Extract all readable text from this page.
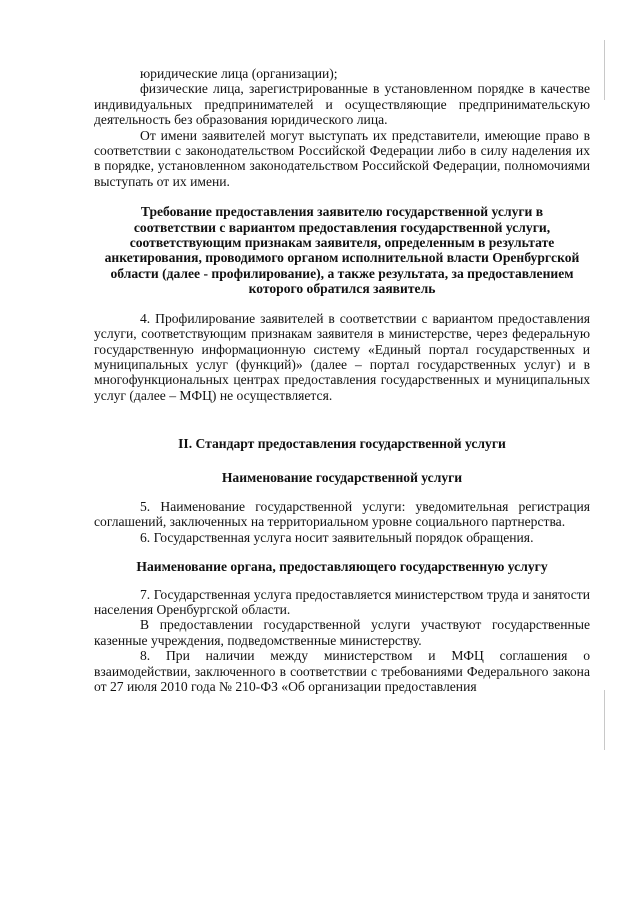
юридические лица (организации);

физические лица, зарегистрированные в установленном порядке в качестве индивидуальных предпринимателей и осуществляющие предпринимательскую деятельность без образования юридического лица.

От имени заявителей могут выступать их представители, имеющие право в соответствии с законодательством Российской Федерации либо в силу наделения их в порядке, установленном законодательством Российской Федерации, полномочиями выступать от их имени.

Требование предоставления заявителю государственной услуги в соответствии с вариантом предоставления государственной услуги, соответствующим признакам заявителя, определенным в результате анкетирования, проводимого органом исполнительной власти Оренбургской области (далее - профилирование), а также результата, за предоставлением которого обратился заявитель

4. Профилирование заявителей в соответствии с вариантом предоставления услуги, соответствующим признакам заявителя в министерстве, через федеральную государственную информационную систему «Единый портал государственных и муниципальных услуг (функций)» (далее – портал государственных услуг) и в многофункциональных центрах предоставления государственных и муниципальных услуг (далее – МФЦ) не осуществляется.

II. Стандарт предоставления государственной услуги

Наименование государственной услуги

5. Наименование государственной услуги: уведомительная регистрация соглашений, заключенных на территориальном уровне социального партнерства.

6. Государственная услуга носит заявительный порядок обращения.

Наименование органа, предоставляющего государственную услугу

7. Государственная услуга предоставляется министерством труда и занятости населения Оренбургской области.

В предоставлении государственной услуги участвуют государственные казенные учреждения, подведомственные министерству.

8. При наличии между министерством и МФЦ соглашения о взаимодействии, заключенного в соответствии с требованиями Федерального закона от 27 июля 2010 года № 210-ФЗ «Об организации предоставления
